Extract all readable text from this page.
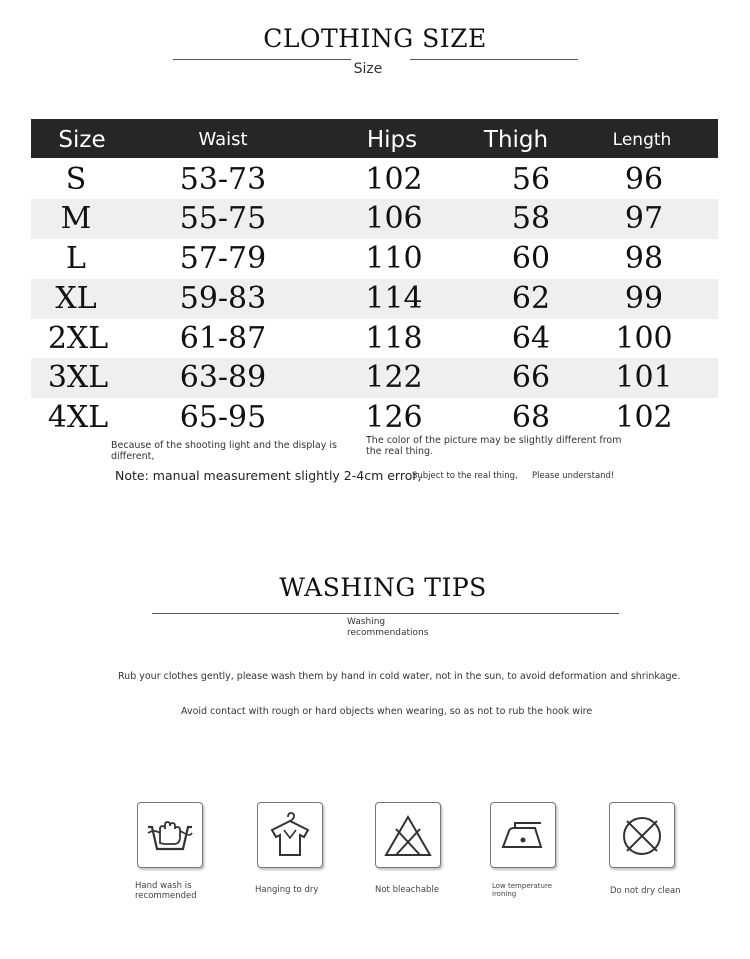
CLOTHING SIZE
Size
Size	Waist	Hips	Thigh	Length
S	53-73	102	56	96
M	55-75	106	58	97
L	57-79	110	60	98
XL	59-83	114	62	99
2XL	61-87	118	64	100
3XL	63-89	122	66	101
4XL	65-95	126	68	102
Because of the shooting light and the display is different,
The color of the picture may be slightly different from the real thing.
Note: manual measurement slightly 2-4cm error,
Subject to the real thing, Please understand!
WASHING TIPS
Washing recommendations
Rub your clothes gently, please wash them by hand in cold water, not in the sun, to avoid deformation and shrinkage.
Avoid contact with rough or hard objects when wearing, so as not to rub the hook wire
Hand wash is recommended
Hanging to dry	Not bleachable	Low temperature ironing	Do not dry clean
